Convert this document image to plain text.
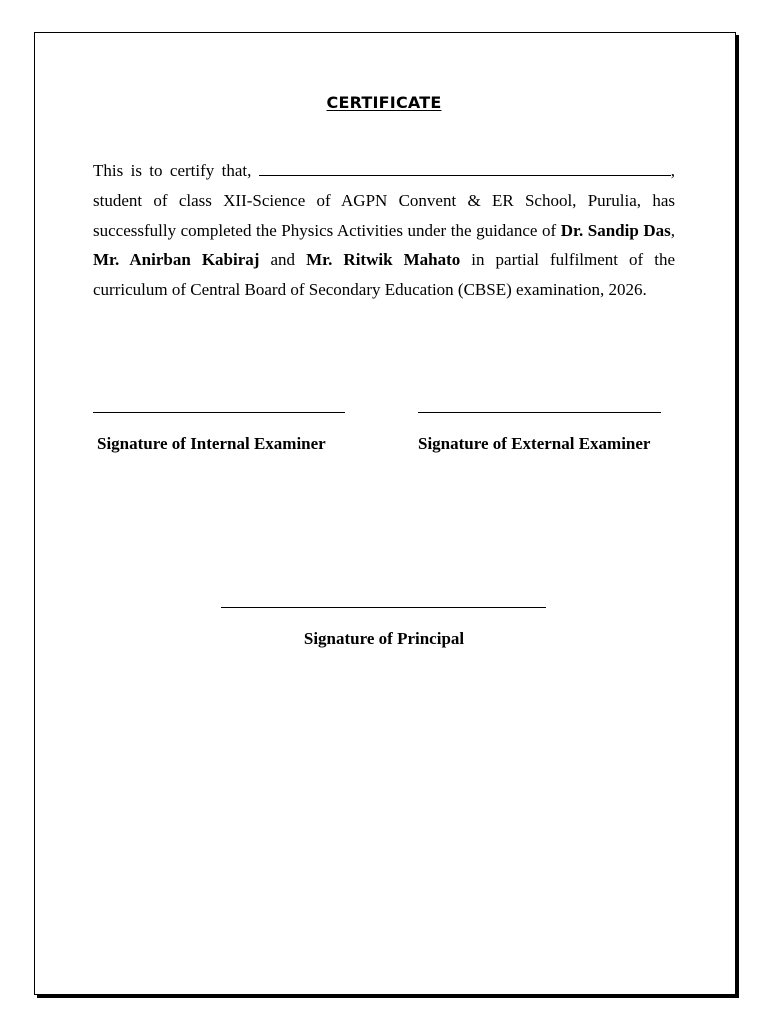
CERTIFICATE

This is to certify that,	, student of class XII-Science of AGPN Convent & ER School, Purulia, has successfully completed the Physics Activities under the guidance of Dr. Sandip Das, Mr. Anirban Kabiraj and Mr. Ritwik Mahato in partial fulfilment of the curriculum of Central Board of Secondary Education (CBSE) examination, 2026.

Signature of Internal Examiner	Signature of External Examiner
Signature of Principal
